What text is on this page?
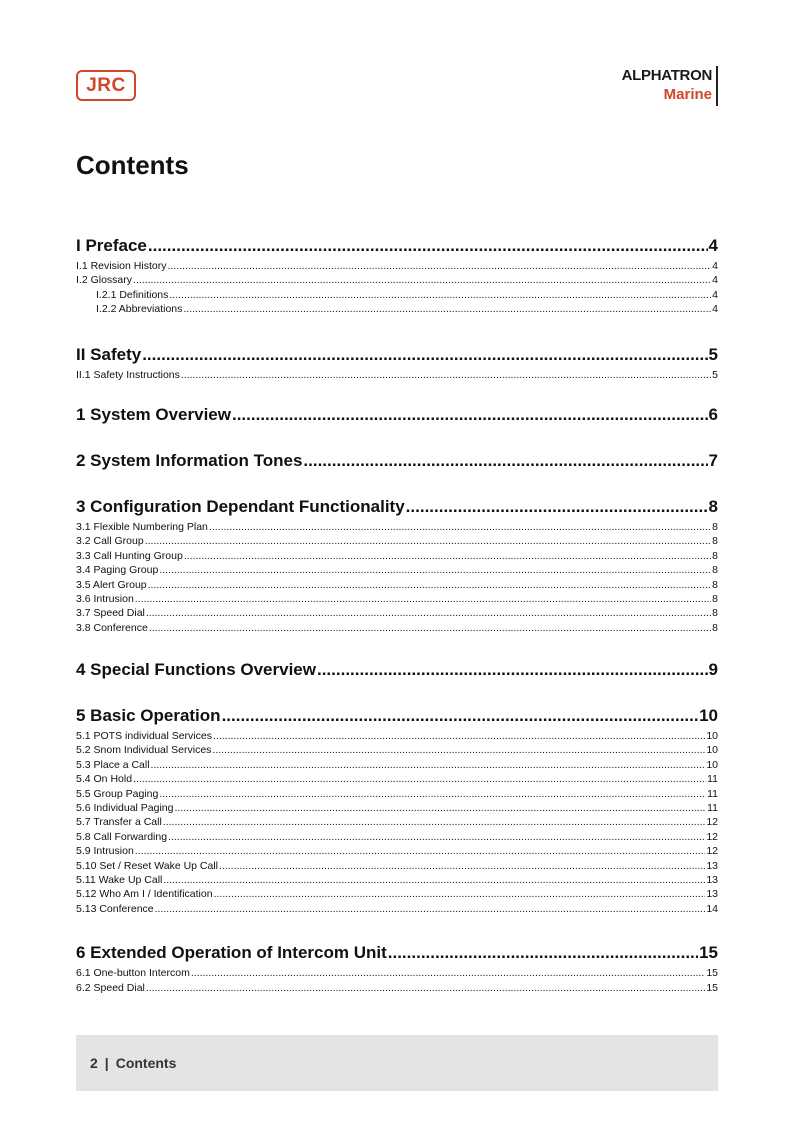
JRC	ALPHATRON
Marine
Contents
I Preface .....	4
I.1 Revision History .....	4
I.2 Glossary .....	4
I.2.1 Definitions .....	4
I.2.2 Abbreviations .....	4
II Safety .....	5
II.1 Safety Instructions .....	5
1 System Overview .....	6
2 System Information Tones .....	7
3 Configuration Dependant Functionality .....	8
3.1 Flexible Numbering Plan .....	8
3.2 Call Group .....	8
3.3 Call Hunting Group .....	8
3.4 Paging Group .....	8
3.5 Alert Group .....	8
3.6 Intrusion .....	8
3.7 Speed Dial .....	8
3.8 Conference .....	8
4 Special Functions Overview .....	9
5 Basic Operation .....	10
5.1 POTS individual Services .....	10
5.2 Snom Individual Services .....	10
5.3 Place a Call .....	10
5.4 On Hold .....	11
5.5 Group Paging .....	11
5.6 Individual Paging .....	11
5.7 Transfer a Call .....	12
5.8 Call Forwarding .....	12
5.9 Intrusion .....	12
5.10 Set / Reset Wake Up Call .....	13
5.11 Wake Up Call .....	13
5.12 Who Am I / Identification .....	13
5.13 Conference .....	14
6 Extended Operation of Intercom Unit .....	15
6.1 One-button Intercom .....	15
6.2 Speed Dial .....	15
2 | Contents
